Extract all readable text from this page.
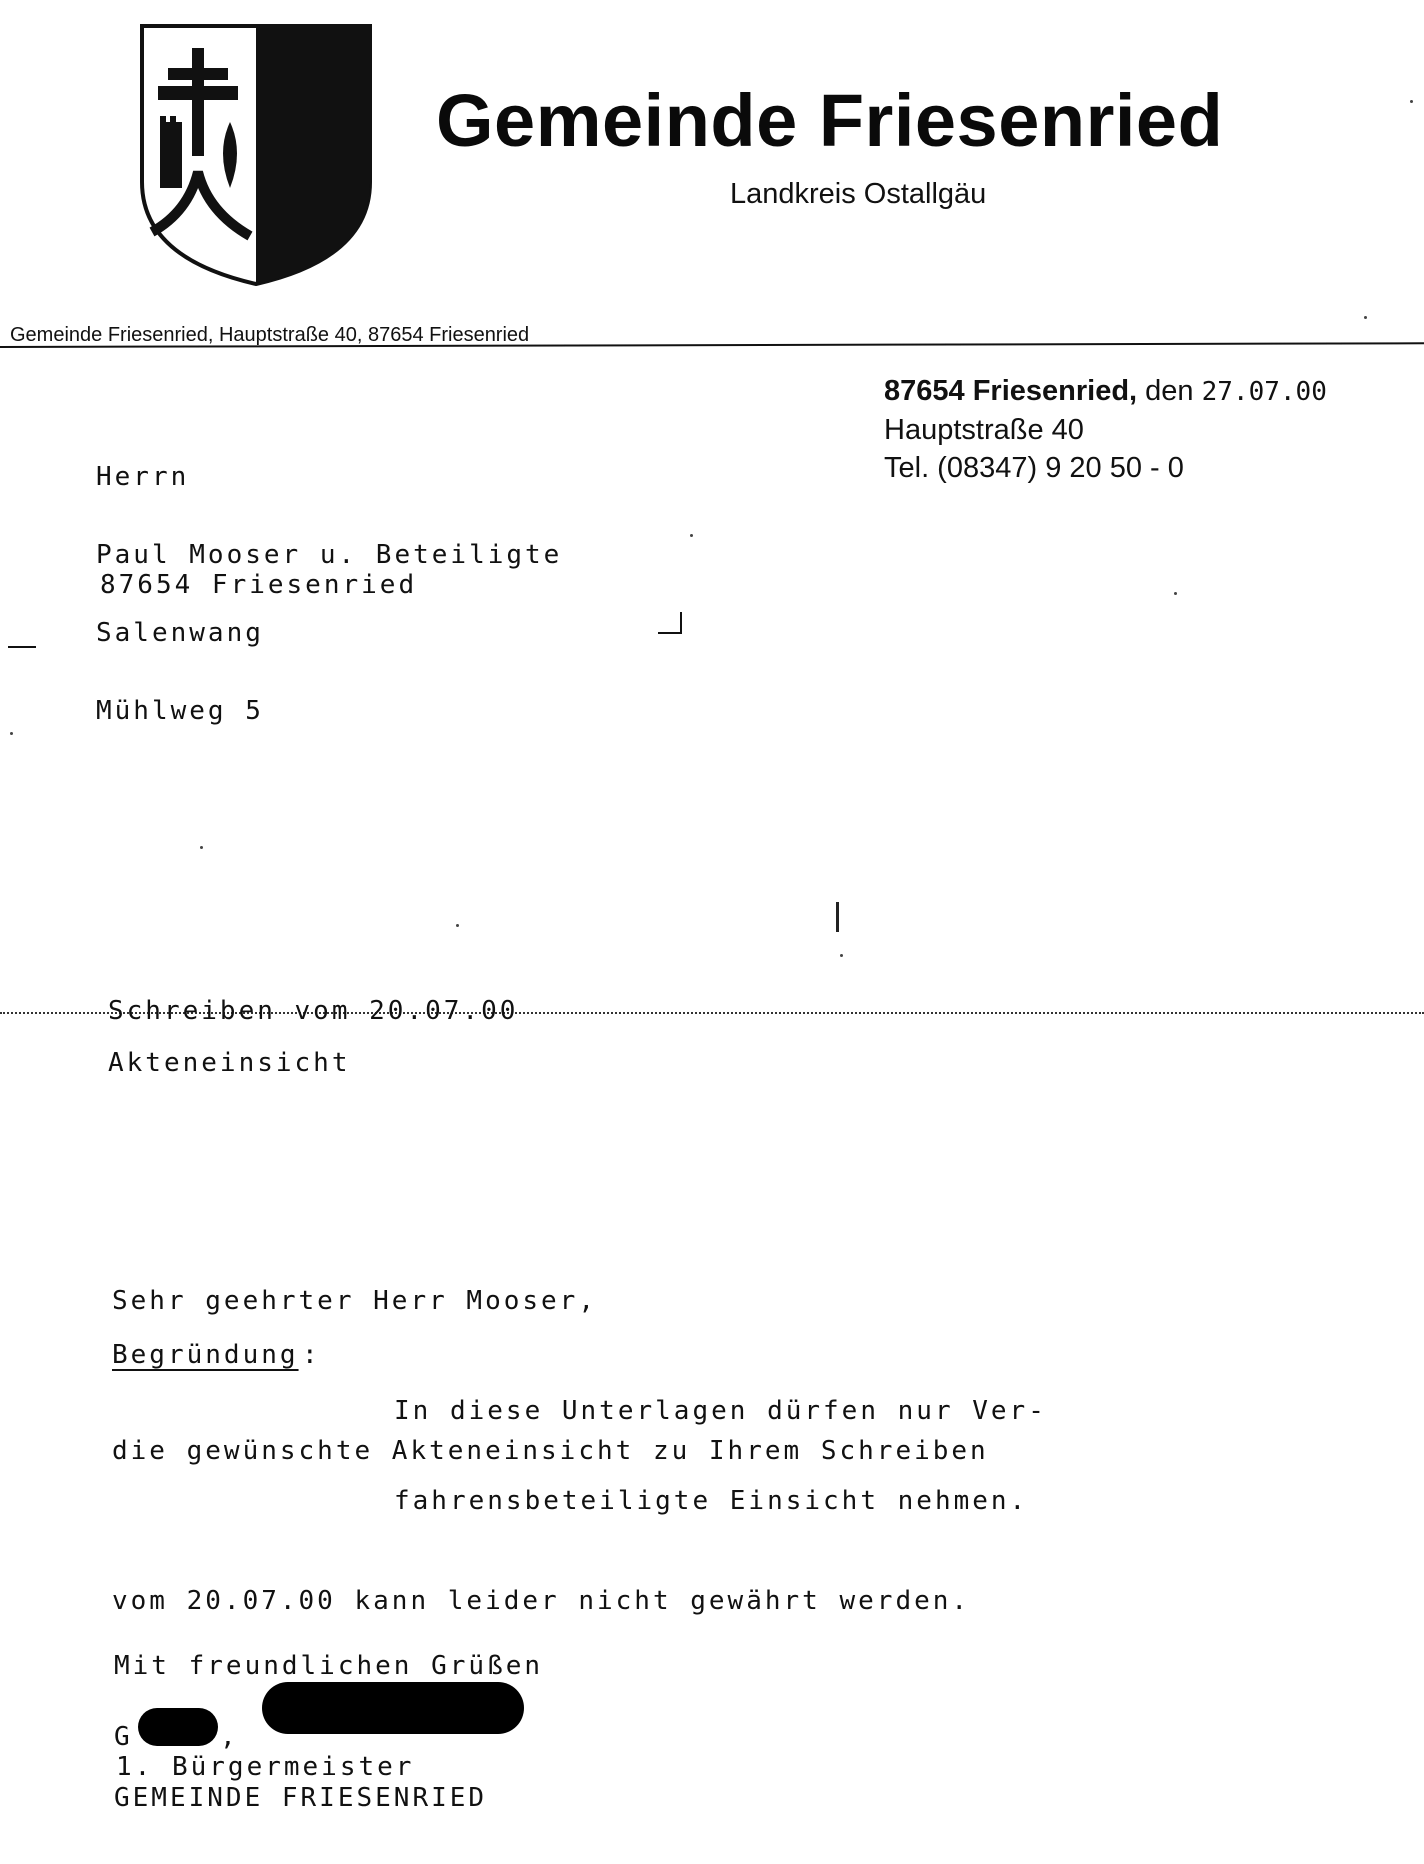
Gemeinde Friesenried
Landkreis Ostallgäu
Gemeinde Friesenried, Hauptstraße 40, 87654 Friesenried
87654 Friesenried, den 27.07.00
Hauptstraße 40
Tel. (08347) 9 20 50 - 0

Herrn

Paul Mooser u. Beteiligte

Salenwang

Mühlweg 5

87654 Friesenried
Schreiben vom 20.07.00
Akteneinsicht

Sehr geehrter Herr Mooser,

die gewünschte Akteneinsicht zu Ihrem Schreiben

vom 20.07.00 kann leider nicht gewährt werden.

Begründung :

In diese Unterlagen dürfen nur Ver-

fahrensbeteiligte Einsicht nehmen.

Mit freundlichen Grüßen

GEMEINDE FRIESENRIED

G	,
1. Bürgermeister
